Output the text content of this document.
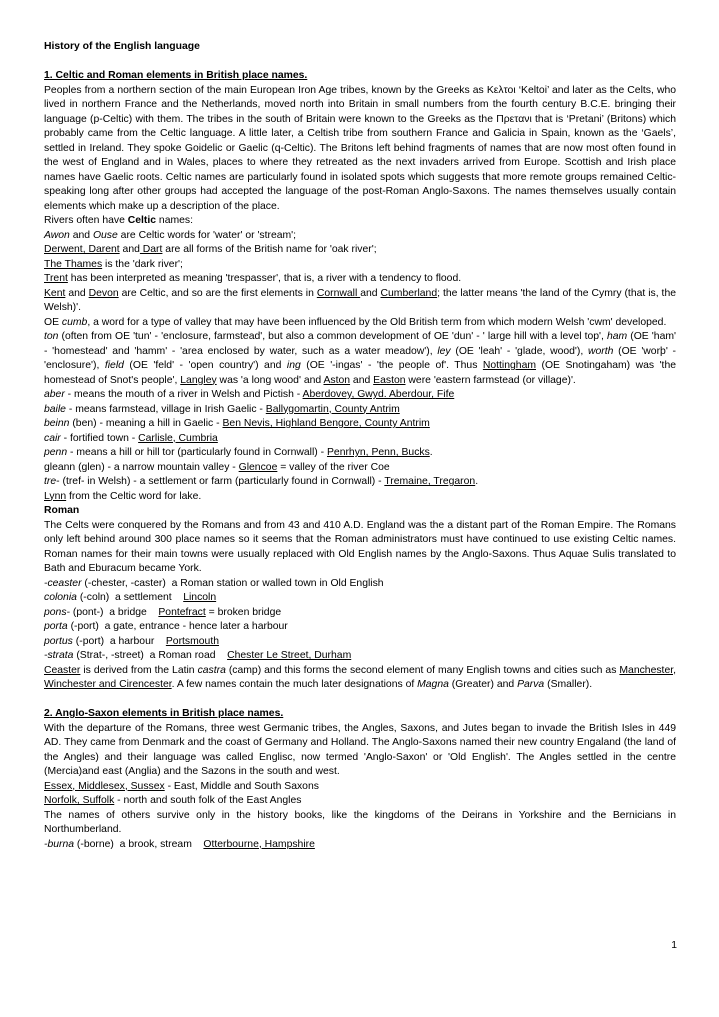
History of the English language

1. Celtic and Roman elements in British place names.

Peoples from a northern section of the main European Iron Age tribes, known by the Greeks as Κελτοι ‘Keltoi’ and later as the Celts, who lived in northern France and the Netherlands, moved north into Britain in small numbers from the fourth century B.C.E. bringing their language (p-Celtic) with them. The tribes in the south of Britain were known to the Greeks as the Πρετανι that is ‘Pretani’ (Britons) which probably came from the Celtic language. A little later, a Celtish tribe from southern France and Galicia in Spain, known as the ‘Gaels’, settled in Ireland. They spoke Goidelic or Gaelic (q-Celtic). The Britons left behind fragments of names that are now most often found in the west of England and in Wales, places to where they retreated as the next invaders arrived from Europe. Scottish and Irish place names have Gaelic roots. Celtic names are particularly found in isolated spots which suggests that more remote groups remained Celtic-speaking long after other groups had accepted the language of the post-Roman Anglo-Saxons. The names themselves usually contain elements which make up a description of the place.

Rivers often have Celtic names:

Awon and Ouse are Celtic words for 'water' or 'stream';

Derwent, Darent and Dart are all forms of the British name for 'oak river';

The Thames is the 'dark river';

Trent has been interpreted as meaning 'trespasser', that is, a river with a tendency to flood.

Kent and Devon are Celtic, and so are the first elements in Cornwall and Cumberland; the latter means 'the land of the Cymry (that is, the Welsh)'.

OE cumb, a word for a type of valley that may have been influenced by the Old British term from which modern Welsh 'cwm' developed.

ton (often from OE 'tun' - 'enclosure, farmstead', but also a common development of OE 'dun' - ' large hill with a level top', ham (OE 'ham' - 'homestead' and 'hamm' - 'area enclosed by water, such as a water meadow'), ley (OE 'leah' - 'glade, wood'), worth (OE 'worþ' - 'enclosure'), field (OE 'feld' - 'open country') and ing (OE '-ingas' - 'the people of'. Thus Nottingham (OE Snotingaham) was 'the homestead of Snot's people', Langley was 'a long wood' and Aston and Easton were 'eastern farmstead (or village)'.

aber - means the mouth of a river in Welsh and Pictish - Aberdovey, Gwyd. Aberdour, Fife

baile - means farmstead, village in Irish Gaelic - Ballygomartin, County Antrim

beinn (ben) - meaning a hill in Gaelic - Ben Nevis, Highland Bengore, County Antrim

cair - fortified town - Carlisle, Cumbria

penn - means a hill or hill tor (particularly found in Cornwall) - Penrhyn, Penn, Bucks.

gleann (glen) - a narrow mountain valley - Glencoe = valley of the river Coe

tre- (tref- in Welsh) - a settlement or farm (particularly found in Cornwall) - Tremaine, Tregaron.

Lynn from the Celtic word for lake.

Roman

The Celts were conquered by the Romans and from 43 and 410 A.D. England was the a distant part of the Roman Empire. The Romans only left behind around 300 place names so it seems that the Roman administrators must have continued to use existing Celtic names. Roman names for their main towns were usually replaced with Old English names by the Anglo-Saxons. Thus Aquae Sulis translated to Bath and Eburacum became York.

-ceaster (-chester, -caster)  a Roman station or walled town in Old English

colonia (-coln)  a settlement    Lincoln

pons- (pont-)  a bridge    Pontefract = broken bridge

porta (-port)  a gate, entrance - hence later a harbour

portus (-port)  a harbour    Portsmouth

-strata (Strat-, -street)  a Roman road    Chester Le Street, Durham

Ceaster is derived from the Latin castra (camp) and this forms the second element of many English towns and cities such as Manchester, Winchester and Cirencester. A few names contain the much later designations of Magna (Greater) and Parva (Smaller).

2. Anglo-Saxon elements in British place names.

With the departure of the Romans, three west Germanic tribes, the Angles, Saxons, and Jutes began to invade the British Isles in 449 AD. They came from Denmark and the coast of Germany and Holland. The Anglo-Saxons named their new country Engaland (the land of the Angles) and their language was called Englisc, now termed 'Anglo-Saxon' or 'Old English'. The Angles settled in the centre (Mercia)and east (Anglia) and the Sazons in the south and west.

Essex, Middlesex, Sussex - East, Middle and South Saxons

Norfolk, Suffolk - north and south folk of the East Angles

The names of others survive only in the history books, like the kingdoms of the Deirans in Yorkshire and the Bernicians in Northumberland.

-burna (-borne)  a brook, stream    Otterbourne, Hampshire

1
